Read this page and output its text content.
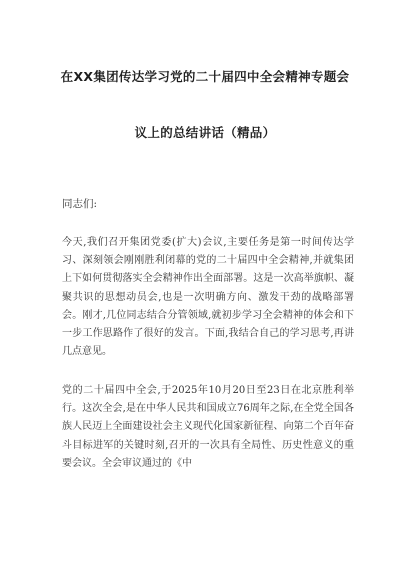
在XX集团传达学习党的二十届四中全会精神专题会
议上的总结讲话（精品）
同志们:

今天,我们召开集团党委(扩大)会议,主要任务是第一时间传达学习、深刻领会刚刚胜利闭幕的党的二十届四中全会精神,并就集团上下如何贯彻落实全会精神作出全面部署。这是一次高举旗帜、凝聚共识的思想动员会,也是一次明确方向、激发干劲的战略部署会。刚才,几位同志结合分管领域,就初步学习全会精神的体会和下一步工作思路作了很好的发言。下面,我结合自己的学习思考,再讲几点意见。

党的二十届四中全会,于2025年10月20日至23日在北京胜利举行。这次全会,是在中华人民共和国成立76周年之际,在全党全国各族人民迈上全面建设社会主义现代化国家新征程、向第二个百年奋斗目标进军的关键时刻,召开的一次具有全局性、历史性意义的重要会议。全会审议通过的《中
